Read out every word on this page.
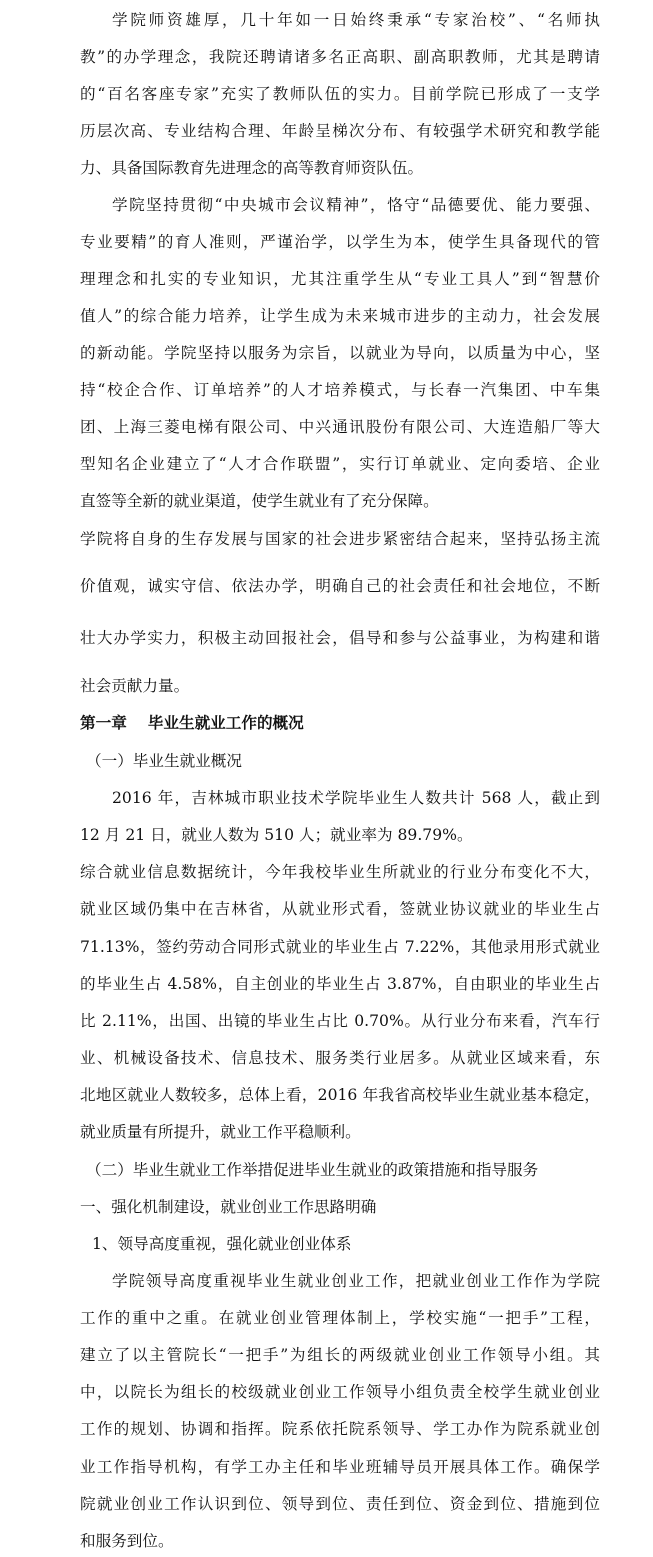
学院师资雄厚，几十年如一日始终秉承“专家治校”、“名师执
教”的办学理念，我院还聘请诸多名正高职、副高职教师，尤其是聘请
的“百名客座专家”充实了教师队伍的实力。目前学院已形成了一支学
历层次高、专业结构合理、年龄呈梯次分布、有较强学术研究和教学能
力、具备国际教育先进理念的高等教育师资队伍。
学院坚持贯彻“中央城市会议精神”，恪守“品德要优、能力要强、
专业要精”的育人准则，严谨治学，以学生为本，使学生具备现代的管
理理念和扎实的专业知识，尤其注重学生从“专业工具人”到“智慧价
值人”的综合能力培养，让学生成为未来城市进步的主动力，社会发展
的新动能。学院坚持以服务为宗旨，以就业为导向，以质量为中心，坚
持“校企合作、订单培养”的人才培养模式，与长春一汽集团、中车集
团、上海三菱电梯有限公司、中兴通讯股份有限公司、大连造船厂等大
型知名企业建立了“人才合作联盟”，实行订单就业、定向委培、企业
直签等全新的就业渠道，使学生就业有了充分保障。
学院将自身的生存发展与国家的社会进步紧密结合起来，坚持弘扬主流
价值观，诚实守信、依法办学，明确自己的社会责任和社会地位，不断
壮大办学实力，积极主动回报社会，倡导和参与公益事业，为构建和谐
社会贡献力量。
第一章　 毕业生就业工作的概况
（一）毕业生就业概况
2016 年，吉林城市职业技术学院毕业生人数共计 568 人，截止到
12 月 21 日，就业人数为 510 人；就业率为 89.79%。
综合就业信息数据统计，今年我校毕业生所就业的行业分布变化不大，
就业区域仍集中在吉林省，从就业形式看，签就业协议就业的毕业生占
71.13%，签约劳动合同形式就业的毕业生占 7.22%，其他录用形式就业
的毕业生占 4.58%，自主创业的毕业生占 3.87%，自由职业的毕业生占
比 2.11%，出国、出镜的毕业生占比 0.70%。从行业分布来看，汽车行
业、机械设备技术、信息技术、服务类行业居多。从就业区域来看，东
北地区就业人数较多，总体上看，2016 年我省高校毕业生就业基本稳定，
就业质量有所提升，就业工作平稳顺利。
（二）毕业生就业工作举措促进毕业生就业的政策措施和指导服务
一、强化机制建设，就业创业工作思路明确
1、领导高度重视，强化就业创业体系
学院领导高度重视毕业生就业创业工作，把就业创业工作作为学院
工作的重中之重。在就业创业管理体制上，学校实施“一把手”工程，
建立了以主管院长“一把手”为组长的两级就业创业工作领导小组。其
中，以院长为组长的校级就业创业工作领导小组负责全校学生就业创业
工作的规划、协调和指挥。院系依托院系领导、学工办作为院系就业创
业工作指导机构，有学工办主任和毕业班辅导员开展具体工作。确保学
院就业创业工作认识到位、领导到位、责任到位、资金到位、措施到位
和服务到位。
